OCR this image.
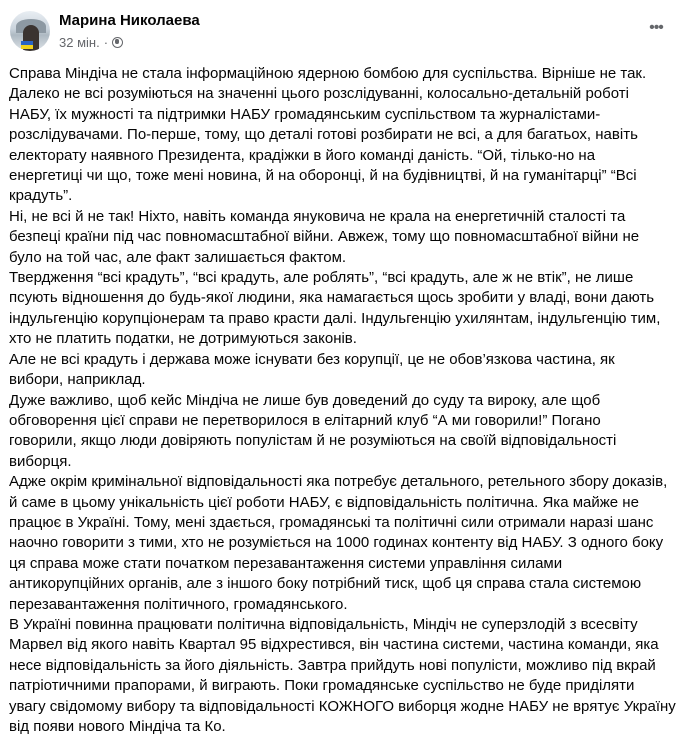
Марина Николаева
32 мін. ·
•••
Справа Міндіча не стала інформаційною ядерною бомбою для суспільства. Вірніше не так.
Далеко не всі розуміються на значенні цього розслідуванні, колосально-детальній роботі
НАБУ, їх мужності та підтримки НАБУ громадянським суспільством та журналістами-
розслідувачами. По-перше, тому, що деталі готові розбирати не всі, а для багатьох, навіть
електорату наявного Президента, крадіжки в його команді даність. “Ой, тілько-но на
енергетиці чи що, тоже мені новина, й на оборонці, й на будівництві, й на гуманітарці” “Всі
крадуть”.
Ні, не всі й не так! Ніхто, навіть команда януковича не крала на енергетичній сталості та
безпеці країни під час повномасштабної війни. Авжеж, тому що повномасштабної війни не
було на той час, але факт залишається фактом.
Твердження “всі крадуть”, “всі крадуть, але роблять”, “всі крадуть, але ж не втік”, не лише
псують відношення до будь-якої людини, яка намагається щось зробити у владі, вони дають
індульгенцію корупціонерам та право красти далі. Індульгенцію ухилянтам, індульгенцію тим,
хто не платить податки, не дотримуються законів.
Але не всі крадуть і держава може існувати без корупції, це не обов’язкова частина, як
вибори, наприклад.
Дуже важливо, щоб кейс Міндіча не лише був доведений до суду та вироку, але щоб
обговорення цієї справи не перетворилося в елітарний клуб “А ми говорили!” Погано
говорили, якщо люди довіряють популістам й не розуміються на своїй відповідальності
виборця.
Адже окрім кримінальної відповідальності яка потребує детального, ретельного збору доказів,
й саме в цьому унікальність цієї роботи НАБУ, є відповідальність політична. Яка майже не
працює в Україні. Тому, мені здається, громадянські та політичні сили отримали наразі шанс
наочно говорити з тими, хто не розуміється на 1000 годинах контенту від НАБУ. З одного боку
ця справа може стати початком перезавантаження системи управління силами
антикорупційних органів, але з іншого боку потрібний тиск, щоб ця справа стала системою
перезавантаження політичного, громадянського.
В Україні повинна працювати політична відповідальність, Міндіч не суперзлодій з всесвіту
Марвел від якого навіть Квартал 95 відхрестився, він частина системи, частина команди, яка
несе відповідальність за його діяльність. Завтра прийдуть нові популісти, можливо під вкрай
патріотичними прапорами, й виграють. Поки громадянське суспільство не буде приділяти
увагу свідомому вибору та відповідальності КОЖНОГО виборця жодне НАБУ не врятує Україну
від появи нового Міндіча та Ко.
